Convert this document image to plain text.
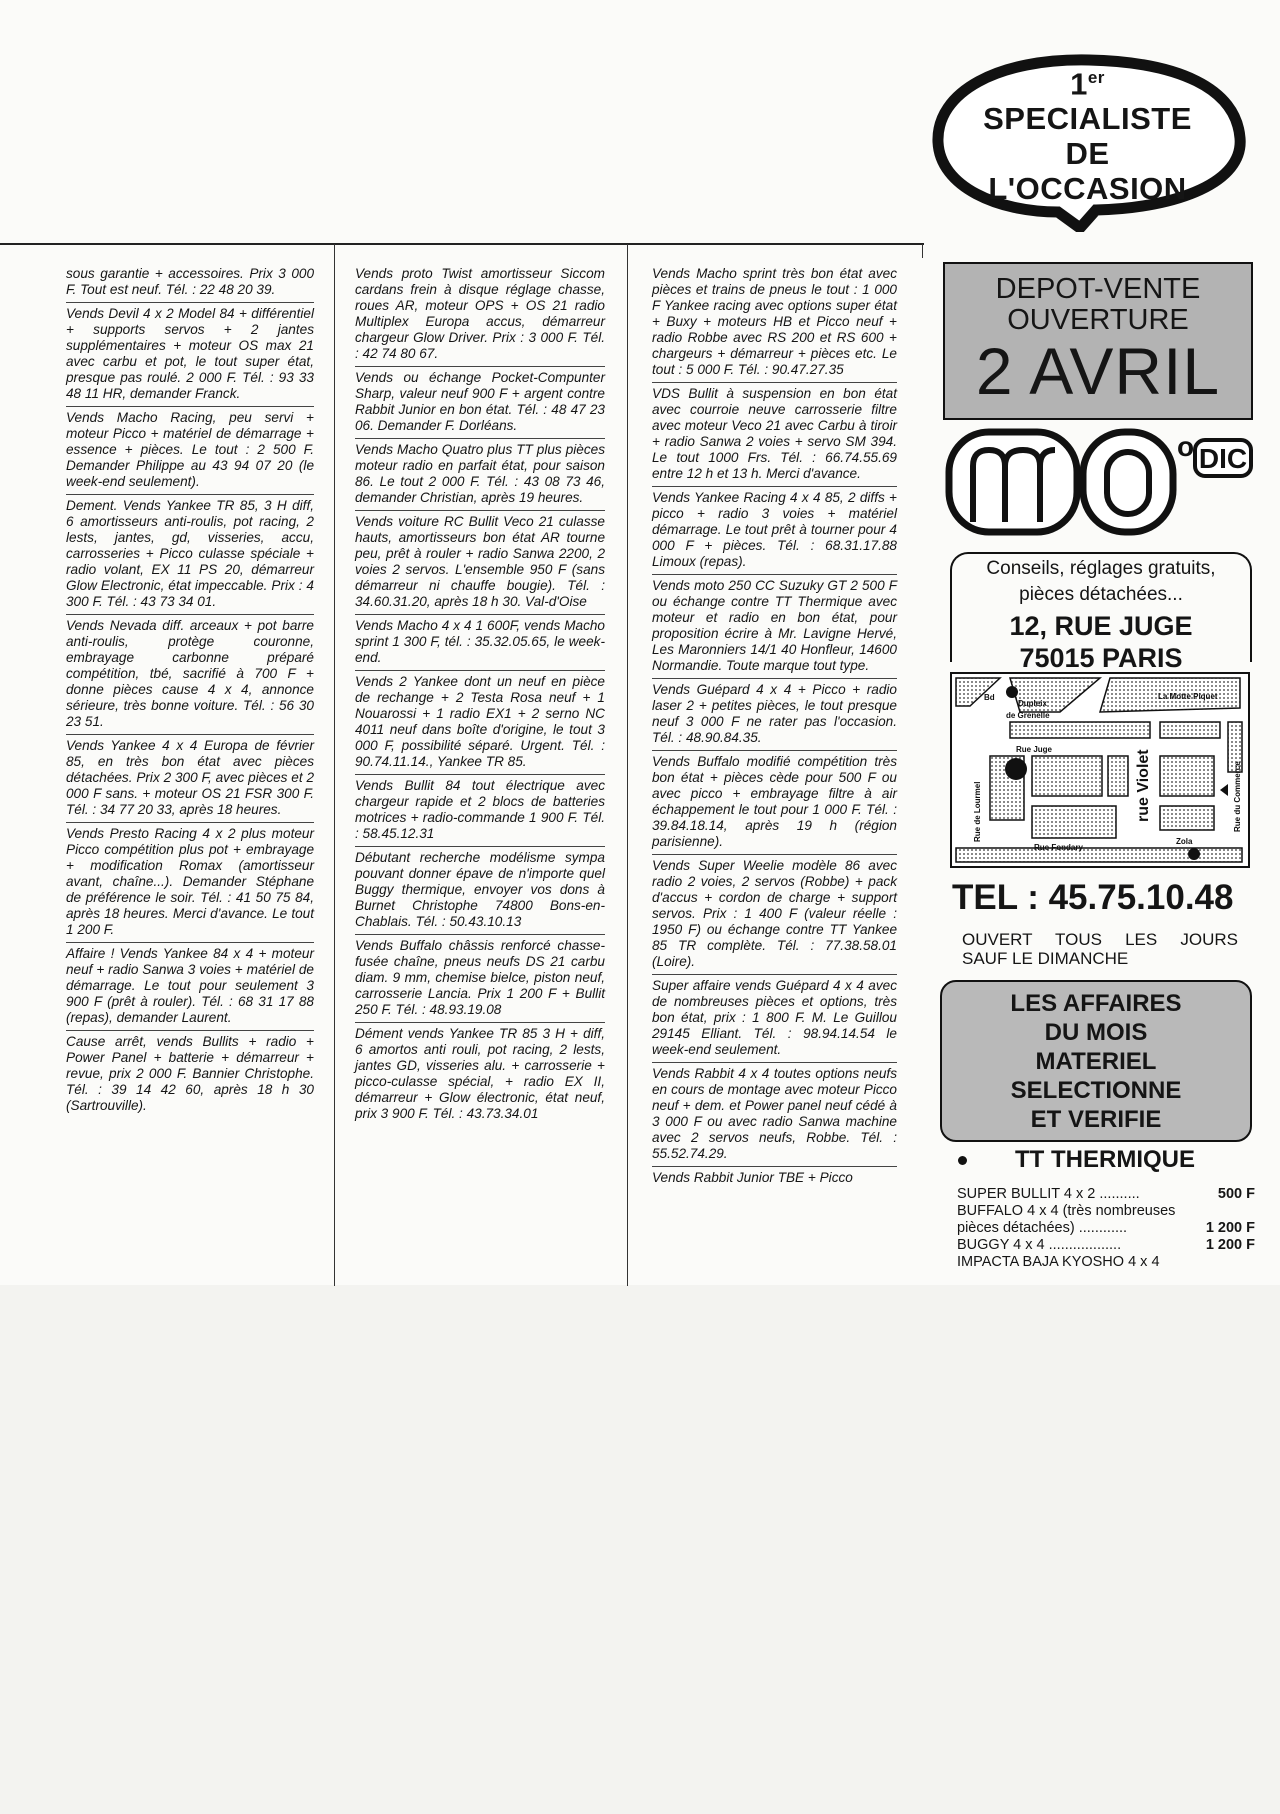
sous garantie + accessoires. Prix 3 000 F. Tout est neuf. Tél. : 22 48 20 39.
Vends Devil 4 x 2 Model 84 + différentiel + supports servos + 2 jantes supplémentaires + moteur OS max 21 avec carbu et pot, le tout super état, presque pas roulé. 2 000 F. Tél. : 93 33 48 11 HR, demander Franck.
Vends Macho Racing, peu servi + moteur Picco + matériel de démarrage + essence + pièces. Le tout : 2 500 F. Demander Philippe au 43 94 07 20 (le week-end seulement).
Dement. Vends Yankee TR 85, 3 H diff, 6 amortisseurs anti-roulis, pot racing, 2 lests, jantes, gd, visseries, accu, carrosseries + Picco culasse spéciale + radio volant, EX 11 PS 20, démarreur Glow Electronic, état impeccable. Prix : 4 300 F. Tél. : 43 73 34 01.
Vends Nevada diff. arceaux + pot barre anti-roulis, protège couronne, embrayage carbonne préparé compétition, tbé, sacrifié à 700 F + donne pièces cause 4 x 4, annonce sérieure, très bonne voiture. Tél. : 56 30 23 51.
Vends Yankee 4 x 4 Europa de février 85, en très bon état avec pièces détachées. Prix 2 300 F, avec pièces et 2 000 F sans. + moteur OS 21 FSR 300 F. Tél. : 34 77 20 33, après 18 heures.
Vends Presto Racing 4 x 2 plus moteur Picco compétition plus pot + embrayage + modification Romax (amortisseur avant, chaîne...). Demander Stéphane de préférence le soir. Tél. : 41 50 75 84, après 18 heures. Merci d'avance. Le tout 1 200 F.
Affaire ! Vends Yankee 84 x 4 + moteur neuf + radio Sanwa 3 voies + matériel de démarrage. Le tout pour seulement 3 900 F (prêt à rouler). Tél. : 68 31 17 88 (repas), demander Laurent.
Cause arrêt, vends Bullits + radio + Power Panel + batterie + démarreur + revue, prix 2 000 F. Bannier Christophe. Tél. : 39 14 42 60, après 18 h 30 (Sartrouville).
Vends proto Twist amortisseur Siccom cardans frein à disque réglage chasse, roues AR, moteur OPS + OS 21 radio Multiplex Europa accus, démarreur chargeur Glow Driver. Prix : 3 000 F. Tél. : 42 74 80 67.
Vends ou échange Pocket-Compunter Sharp, valeur neuf 900 F + argent contre Rabbit Junior en bon état. Tél. : 48 47 23 06. Demander F. Dorléans.
Vends Macho Quatro plus TT plus pièces moteur radio en parfait état, pour saison 86. Le tout 2 000 F. Tél. : 43 08 73 46, demander Christian, après 19 heures.
Vends voiture RC Bullit Veco 21 culasse hauts, amortisseurs bon état AR tourne peu, prêt à rouler + radio Sanwa 2200, 2 voies 2 servos. L'ensemble 950 F (sans démarreur ni chauffe bougie). Tél. : 34.60.31.20, après 18 h 30. Val-d'Oise
Vends Macho 4 x 4 1 600F, vends Macho sprint 1 300 F, tél. : 35.32.05.65, le week-end.
Vends 2 Yankee dont un neuf en pièce de rechange + 2 Testa Rosa neuf + 1 Nouarossi + 1 radio EX1 + 2 serno NC 4011 neuf dans boîte d'origine, le tout 3 000 F, possibilité séparé. Urgent. Tél. : 90.74.11.14., Yankee TR 85.
Vends Bullit 84 tout électrique avec chargeur rapide et 2 blocs de batteries motrices + radio-commande 1 900 F. Tél. : 58.45.12.31
Débutant recherche modélisme sympa pouvant donner épave de n'importe quel Buggy thermique, envoyer vos dons à Burnet Christophe 74800 Bons-en-Chablais. Tél. : 50.43.10.13
Vends Buffalo châssis renforcé chasse-fusée chaîne, pneus neufs DS 21 carbu diam. 9 mm, chemise bielce, piston neuf, carrosserie Lancia. Prix 1 200 F + Bullit 250 F. Tél. : 48.93.19.08
Dément vends Yankee TR 85 3 H + diff, 6 amortos anti rouli, pot racing, 2 lests, jantes GD, visseries alu. + carrosserie + picco-culasse spécial, + radio EX II, démarreur + Glow électronic, état neuf, prix 3 900 F. Tél. : 43.73.34.01
Vends Macho sprint très bon état avec pièces et trains de pneus le tout : 1 000 F Yankee racing avec options super état + Buxy + moteurs HB et Picco neuf + radio Robbe avec RS 200 et RS 600 + chargeurs + démarreur + pièces etc. Le tout : 5 000 F. Tél. : 90.47.27.35
VDS Bullit à suspension en bon état avec courroie neuve carrosserie filtre avec moteur Veco 21 avec Carbu à tiroir + radio Sanwa 2 voies + servo SM 394. Le tout 1000 Frs. Tél. : 66.74.55.69 entre 12 h et 13 h. Merci d'avance.
Vends Yankee Racing 4 x 4 85, 2 diffs + picco + radio 3 voies + matériel démarrage. Le tout prêt à tourner pour 4 000 F + pièces. Tél. : 68.31.17.88 Limoux (repas).
Vends moto 250 CC Suzuky GT 2 500 F ou échange contre TT Thermique avec moteur et radio en bon état, pour proposition écrire à Mr. Lavigne Hervé, Les Maronniers 14/1 40 Honfleur, 14600 Normandie. Toute marque tout type.
Vends Guépard 4 x 4 + Picco + radio laser 2 + petites pièces, le tout presque neuf 3 000 F ne rater pas l'occasion. Tél. : 48.90.84.35.
Vends Buffalo modifié compétition très bon état + pièces cède pour 500 F ou avec picco + embrayage filtre à air échappement le tout pour 1 000 F. Tél. : 39.84.18.14, après 19 h (région parisienne).
Vends Super Weelie modèle 86 avec radio 2 voies, 2 servos (Robbe) + pack d'accus + cordon de charge + support servos. Prix : 1 400 F (valeur réelle : 1950 F) ou échange contre TT Yankee 85 TR complète. Tél. : 77.38.58.01 (Loire).
Super affaire vends Guépard 4 x 4 avec de nombreuses pièces et options, très bon état, prix : 1 800 F. M. Le Guillou 29145 Elliant. Tél. : 98.94.14.54 le week-end seulement.
Vends Rabbit 4 x 4 toutes options neufs en cours de montage avec moteur Picco neuf + dem. et Power panel neuf cédé à 3 000 F ou avec radio Sanwa machine avec 2 servos neufs, Robbe. Tél. : 55.52.74.29.
Vends Rabbit Junior TBE + Picco
1er
SPECIALISTE
DE
L'OCCASION
DEPOT-VENTE
OUVERTURE
2 AVRIL
o DIC
Conseils, réglages gratuits,
pièces détachées...
12, RUE JUGE
75015 PARIS
Bd
Dupleix
de Grenelle
La Motte Piquet
Rue Juge
Rue Fondary
Zola
Rue de Lourmel	Rue du Commerce
rue Violet
TEL : 45.75.10.48
OUVERT TOUS LES JOURS
SAUF LE DIMANCHE
LES AFFAIRES
DU MOIS
MATERIEL
SELECTIONNE
ET VERIFIE
TT THERMIQUE
SUPER BULLIT 4 x 2 ..........	500 F
BUFFALO 4 x 4 (très nombreuses
pièces détachées) ............	1 200 F
BUGGY 4 x 4 ..................	1 200 F
IMPACTA BAJA KYOSHO 4 x 4
